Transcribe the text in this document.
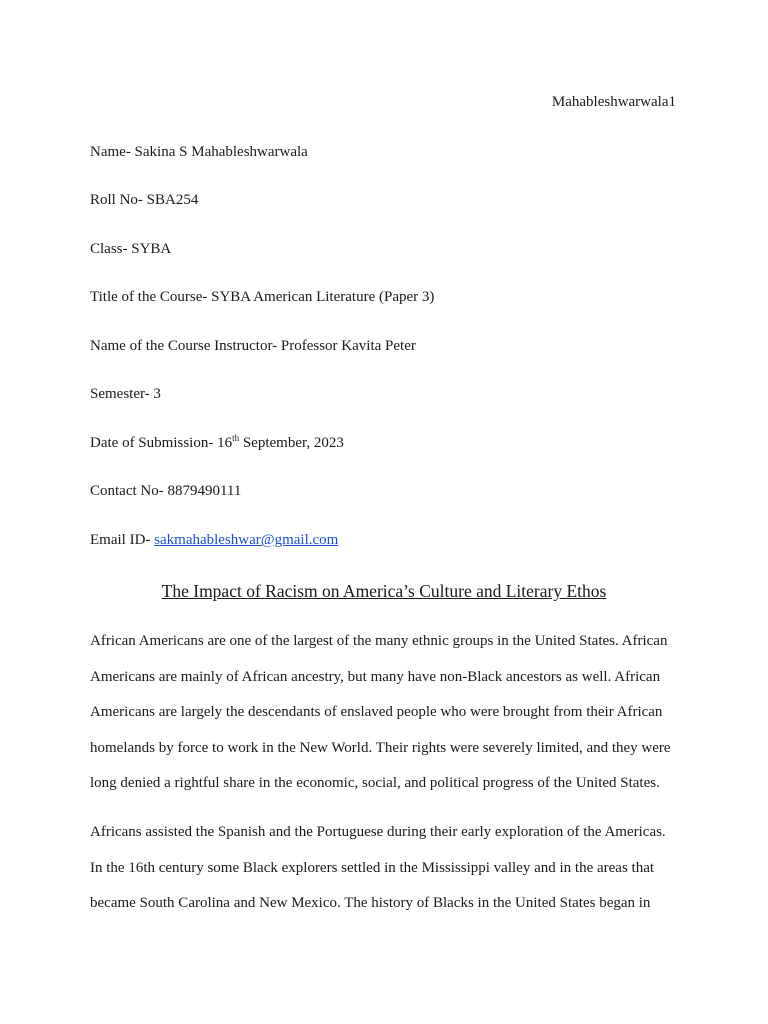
Mahableshwarwala1
Name- Sakina S Mahableshwarwala
Roll No- SBA254
Class- SYBA
Title of the Course- SYBA American Literature (Paper 3)
Name of the Course Instructor- Professor Kavita Peter
Semester- 3
Date of Submission- 16th September, 2023
Contact No- 8879490111
Email ID- sakmahableshwar@gmail.com
The Impact of Racism on America’s Culture and Literary Ethos

African Americans are one of the largest of the many ethnic groups in the United States. African
Americans are mainly of African ancestry, but many have non-Black ancestors as well. African
Americans are largely the descendants of enslaved people who were brought from their African
homelands by force to work in the New World. Their rights were severely limited, and they were
long denied a rightful share in the economic, social, and political progress of the United States.

Africans assisted the Spanish and the Portuguese during their early exploration of the Americas.
In the 16th century some Black explorers settled in the Mississippi valley and in the areas that
became South Carolina and New Mexico. The history of Blacks in the United States began in
